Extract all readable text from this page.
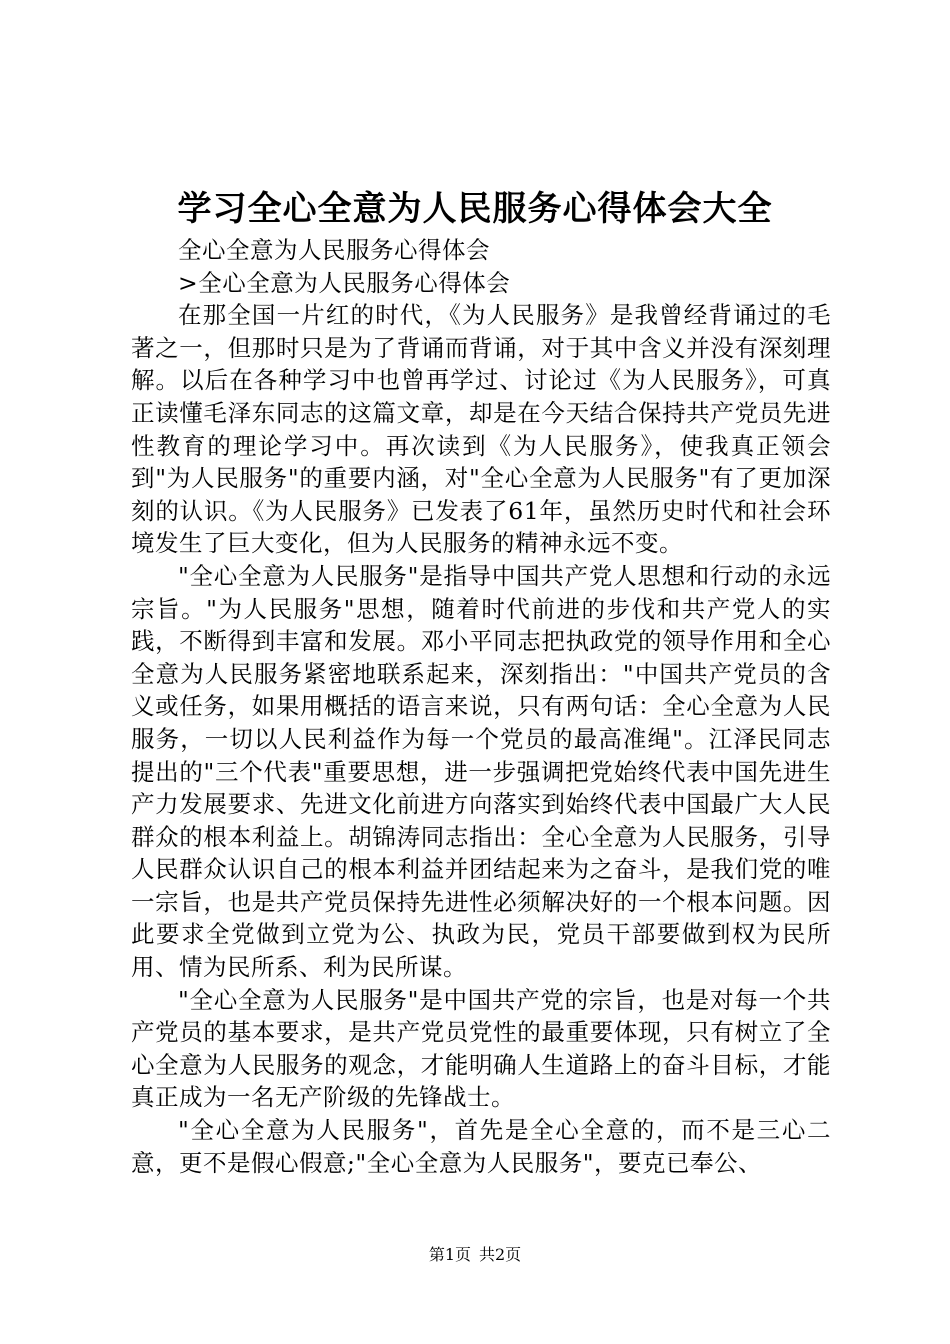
学习全心全意为人民服务心得体会大全

全心全意为人民服务心得体会

>全心全意为人民服务心得体会

在那全国一片红的时代，《为人民服务》是我曾经背诵过的毛著之一，但那时只是为了背诵而背诵，对于其中含义并没有深刻理解。以后在各种学习中也曾再学过、讨论过《为人民服务》，可真正读懂毛泽东同志的这篇文章，却是在今天结合保持共产党员先进性教育的理论学习中。再次读到《为人民服务》，使我真正领会到"为人民服务"的重要内涵，对"全心全意为人民服务"有了更加深刻的认识。《为人民服务》已发表了61年，虽然历史时代和社会环境发生了巨大变化，但为人民服务的精神永远不变。

"全心全意为人民服务"是指导中国共产党人思想和行动的永远宗旨。"为人民服务"思想，随着时代前进的步伐和共产党人的实践，不断得到丰富和发展。邓小平同志把执政党的领导作用和全心全意为人民服务紧密地联系起来，深刻指出："中国共产党员的含义或任务，如果用概括的语言来说，只有两句话：全心全意为人民服务，一切以人民利益作为每一个党员的最高准绳"。江泽民同志提出的"三个代表"重要思想，进一步强调把党始终代表中国先进生产力发展要求、先进文化前进方向落实到始终代表中国最广大人民群众的根本利益上。胡锦涛同志指出：全心全意为人民服务，引导人民群众认识自己的根本利益并团结起来为之奋斗，是我们党的唯一宗旨，也是共产党员保持先进性必须解决好的一个根本问题。因此要求全党做到立党为公、执政为民，党员干部要做到权为民所用、情为民所系、利为民所谋。

"全心全意为人民服务"是中国共产党的宗旨，也是对每一个共产党员的基本要求，是共产党员党性的最重要体现，只有树立了全心全意为人民服务的观念，才能明确人生道路上的奋斗目标，才能真正成为一名无产阶级的先锋战士。

"全心全意为人民服务"，首先是全心全意的，而不是三心二意，更不是假心假意;"全心全意为人民服务"，要克已奉公、

第1页 共2页
